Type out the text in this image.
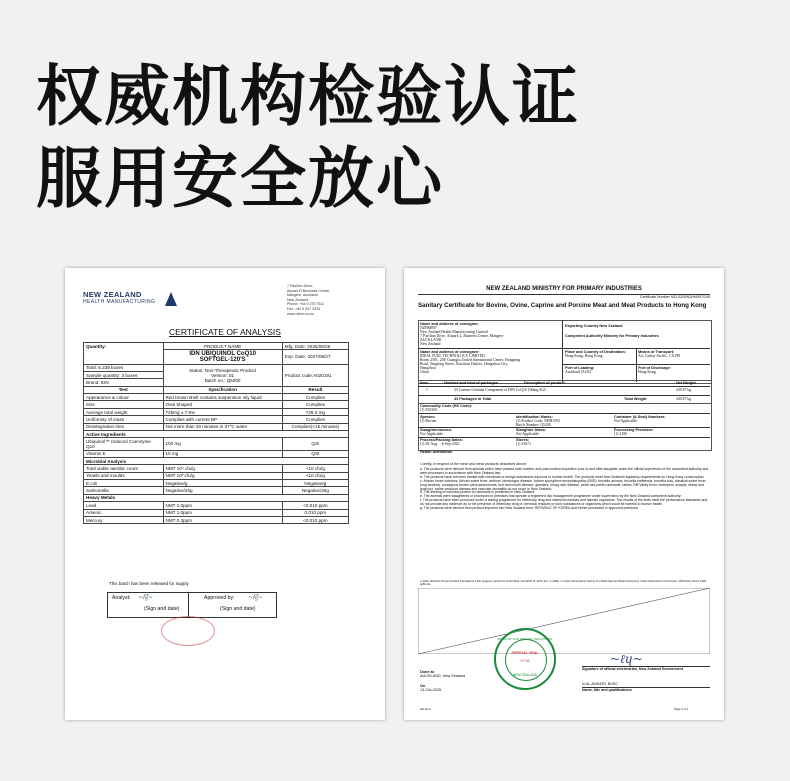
权威机构检验认证
服用安全放心
NEW ZEALAND
HEALTH MANUFACTURING
7 Pavilion Drive,
Airpark B Business Centre,
Mangere, Auckland
New Zealand
Phone: +64 9 275 7511
Fax: +64 9 257 3234
www.nzhm.co.nz
CERTIFICATE OF ANALYSIS
Quantity:	PRODUCT NAME	Mfg. Date: 2025/08/28

	IDN UBIQUINOL CoQ10
SOFTGEL-120'S	Exp. Date: 2027/08/27
Total: 5.239 boxes	Status: Non-Therapeutic Product
Version: 01
Batch no.: Q5200	Product code:A020191
Sample quantity: 3 boxes		
Brand: IDN		
Test	Specification	Result
Appearance & colour	Red brown shell contains suspension oily liquid	Complies
Size	Oval Shaped	Complies
Average total weight	725mg ± 7.5%	726.3 mg
Uniformity of mass	Complies with current BP	Complies
Disintegration time	Not more than 30 minutes in 37°C water	Complies(<15 minutes)
Active Ingredients		
Ubiquinol™ reduced Coenzyme Q10	100 mg	QSI
Vitamin E	10 mg	QSI
Microbial Analysis		
Total viable aerobic count	NMT 10⁴ cfu/g	<10 cfu/g
Yeasts and moulds	NMT 10³ cfu/g	<10 cfu/g
E.coli	Negative/g	Negative/g
Salmonella	Negative/25g	Negative/25g
Heavy Metals		
Lead	NMT 2.0ppm	<0.010 ppm
Arsenic	NMT 1.0ppm	0.010 ppm
Mercury	NMT 0.3ppm	<0.010 ppm
This batch has been released for supply
Analyst:	Approved by:
~ʎʃ~	~ʎʃ~
(Sign and date)	(Sign and date)
NEW ZEALAND MINISTRY FOR PRIMARY INDUSTRIES
Certificate Number NZL2025/NZHM007/245
Sanitary Certificate for Bovine, Ovine, Caprine and Porcine Meat and Meat Products to Hong Kong
Name and address of consignor:
NZHM007
New Zealand Health Manufacturing Limited
7 Pavilion Drive, Airpark 2, Business Centre, Mangere
AUCKLAND
New Zealand
Exporting Country New Zealand
Competent Authority Ministry for Primary Industries
Name and address of consignee:
IDEAL FUEL TECHNOLOGY LIMITED
Room 2501, 25F, Guangfu United International Center, Hongning
Road, Yingfeng Street, Xiaoshan District, Hangzhou City,
Hangzhou
China
Place and Country of Destination:
Hong Kong, Hong Kong
Means of Transport:
Air, Cathay Pacific, CX198
Port of Loading:
Auckland [ACK]
Port of Discharge:
Hong Kong
Item	Number and kind of packages	Description of product	Net Weight
1	33 Cartons Gelatine Component of IDN CoQ10 100mg SGC	430.87 kg
33 Packages in Total	Total Weight	430.87 kg
Commodity Code (HS Code):
(1) 350300
Species:
(1) Bovine
Identification Marks:
(1) Product Code: NHB1593
Batch Number: Q5200
Container (& Seal) Numbers:
Not Applicable
Slaughterhouses:
Not Applicable
Slaughter Dates:
Not Applicable
Processing Premises:
(1) 2186
Process/Packing Dates:
(1) 28-Aug… 6-Sep-2025
Stores:
(1) S1671
Health Attestation
I certify, in respect of the meat and meat products described above:
a. The products were derived from animals which have passed ante-mortem and post-mortem inspection prior to and after slaughter under the official supervision of the competent authority and were processed in accordance with New Zealand law;
b. The products have not been treated with chemicals or foreign substances injurious to human health. The products meet New Zealand regulatory requirements for Hong Kong consumption;
c. African horse sickness, African swine fever, anthrax, bluetongue disease, bovine spongiform encephalopathy (BSE), brucella abortus, brucella melitensis, brucella suis, classical swine fever (hog cholera), contagious bovine pleuropneumonia, foot and mouth disease, glanders, lumpy skin disease, peste des petits ruminants, rabies, Rift Valley fever, rinderpest, scrapie, sheep and goat pox, swine vesicular disease and vesicular stomatitis do not occur in New Zealand;
d. The feeding of ruminant protein to ruminants is prohibited in New Zealand;
e. The animals were slaughtered or processed in premises that operate a registered risk management programme under supervision by the New Zealand competent authority;
f. The products have been produced under a testing programme for veterinary drug and chemical residues and harmful organisms. The results of the tests meet the performance standards and do not provide any evidence as to the presence of veterinary drug or chemical residues or toxic substances or organisms which could be harmful to human health.
g. The products were derived from product imported into New Zealand from: REPUBLIC OF KOREA and further processed in approved premises;
a. Refer definition 'Recommended International Code Hygienic practice for Fresh Meat, CAC/RCP 11-1976, Rev. 1 (1993), in Codex Alimentarius Volume 10 (1994) Meat and Meat Products by Codex Alimentarius Commission, WHO/FAO, Rome 1995, pp69-111.
Done at
AUCKLAND, New Zealand
On
13-Oct-2025
HH-NL-6
MINISTRY FOR PRIMARY INDUSTRIES
OFFICIAL SEAL
0718
NEW ZEALAND
~ℓɥ~
Signature of official veterinarian, New Zealand Government
N AL-ANSARI, BVSC
Name, title and qualifications
Page 1 of 1
